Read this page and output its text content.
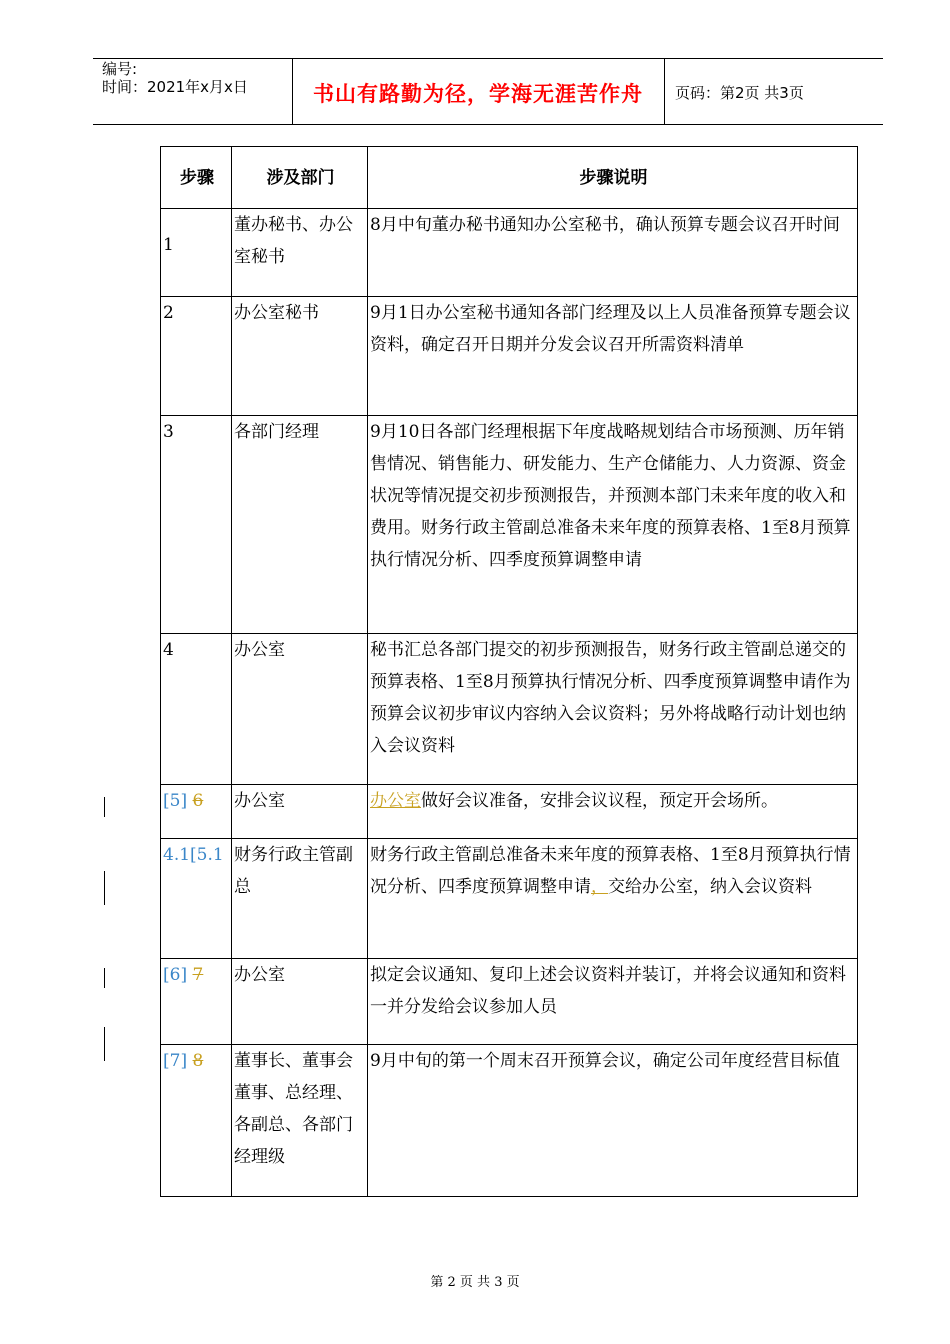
编号:
时间：2021年x月x日	书山有路勤为径，学海无涯苦作舟	页码：第2页 共3页
步骤	涉及部门	步骤说明
1	董办秘书、办公室秘书	8月中旬董办秘书通知办公室秘书，确认预算专题会议召开时间
2	办公室秘书	9月1日办公室秘书通知各部门经理及以上人员准备预算专题会议资料，确定召开日期并分发会议召开所需资料清单
3	各部门经理	9月10日各部门经理根据下年度战略规划结合市场预测、历年销售情况、销售能力、研发能力、生产仓储能力、人力资源、资金状况等情况提交初步预测报告，并预测本部门未来年度的收入和费用。财务行政主管副总准备未来年度的预算表格、1至8月预算执行情况分析、四季度预算调整申请
4	办公室	秘书汇总各部门提交的初步预测报告，财务行政主管副总递交的预算表格、1至8月预算执行情况分析、四季度预算调整申请作为预算会议初步审议内容纳入会议资料；另外将战略行动计划也纳入会议资料
[5] 6	办公室	办公室做好会议准备，安排会议议程，预定开会场所。
4.1[5.1	财务行政主管副总	财务行政主管副总准备未来年度的预算表格、1至8月预算执行情况分析、四季度预算调整申请，交给办公室，纳入会议资料
[6] 7	办公室	拟定会议通知、复印上述会议资料并装订，并将会议通知和资料一并分发给会议参加人员
[7] 8	董事长、董事会董事、总经理、各副总、各部门经理级	9月中旬的第一个周末召开预算会议，确定公司年度经营目标值
第 2 页 共 3 页
